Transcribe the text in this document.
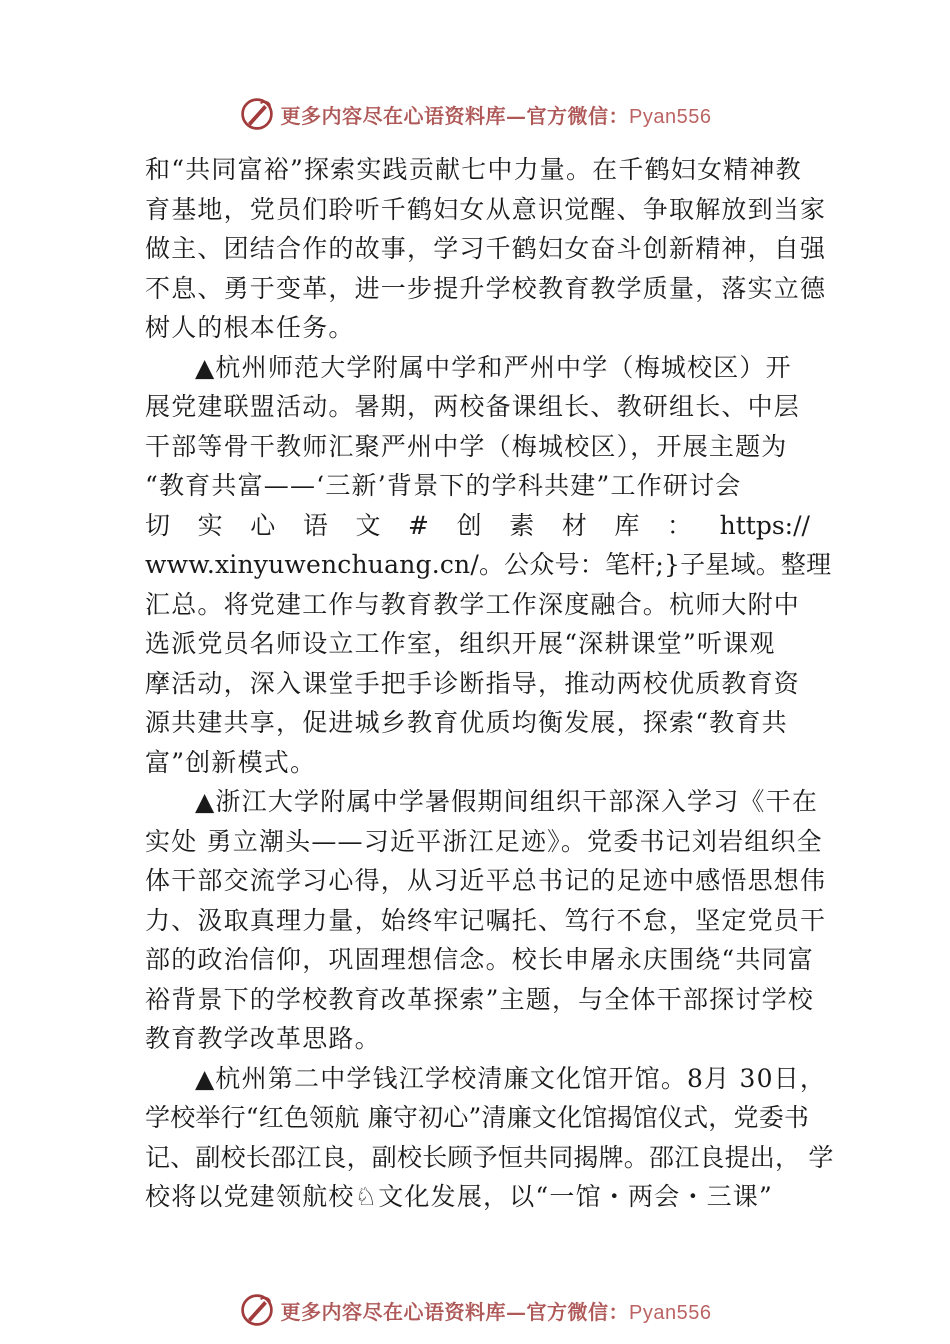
更多内容尽在心语资料库—官方微信：Pyan556
和“共同富裕”探索实践贡献七中力量。在千鹤妇女精神教
育基地，党员们聆听千鹤妇女从意识觉醒、争取解放到当家
做主、团结合作的故事，学习千鹤妇女奋斗创新精神，自强
不息、勇于变革，进一步提升学校教育教学质量，落实立德
树人的根本任务。
▲杭州师范大学附属中学和严州中学（梅城校区）开
展党建联盟活动。暑期，两校备课组长、教研组长、中层
干部等骨干教师汇聚严州中学（梅城校区），开展主题为
“教育共富——‘三新’背景下的学科共建”工作研讨会
切 实 心 语 文 # 创 素 材 库 ： https://
www.xinyuwenchuang.cn/。公众号：笔杆;}子星域。整理
汇总。将党建工作与教育教学工作深度融合。杭师大附中
选派党员名师设立工作室，组织开展“深耕课堂”听课观
摩活动，深入课堂手把手诊断指导，推动两校优质教育资
源共建共享，促进城乡教育优质均衡发展，探索“教育共
富”创新模式。
▲浙江大学附属中学暑假期间组织干部深入学习《干在
实处 勇立潮头——习近平浙江足迹》。党委书记刘岩组织全
体干部交流学习心得，从习近平总书记的足迹中感悟思想伟
力、汲取真理力量，始终牢记嘱托、笃行不怠，坚定党员干
部的政治信仰，巩固理想信念。校长申屠永庆围绕“共同富
裕背景下的学校教育改革探索”主题，与全体干部探讨学校
教育教学改革思路。
▲杭州第二中学钱江学校清廉文化馆开馆。8月 30日，
学校举行“红色领航 廉守初心”清廉文化馆揭馆仪式，党委书
记、副校长邵江良，副校长顾予恒共同揭牌。邵江良提出， 学
校将以党建领航校♘文化发展，以“一馆・两会・三课”
更多内容尽在心语资料库—官方微信：Pyan556
